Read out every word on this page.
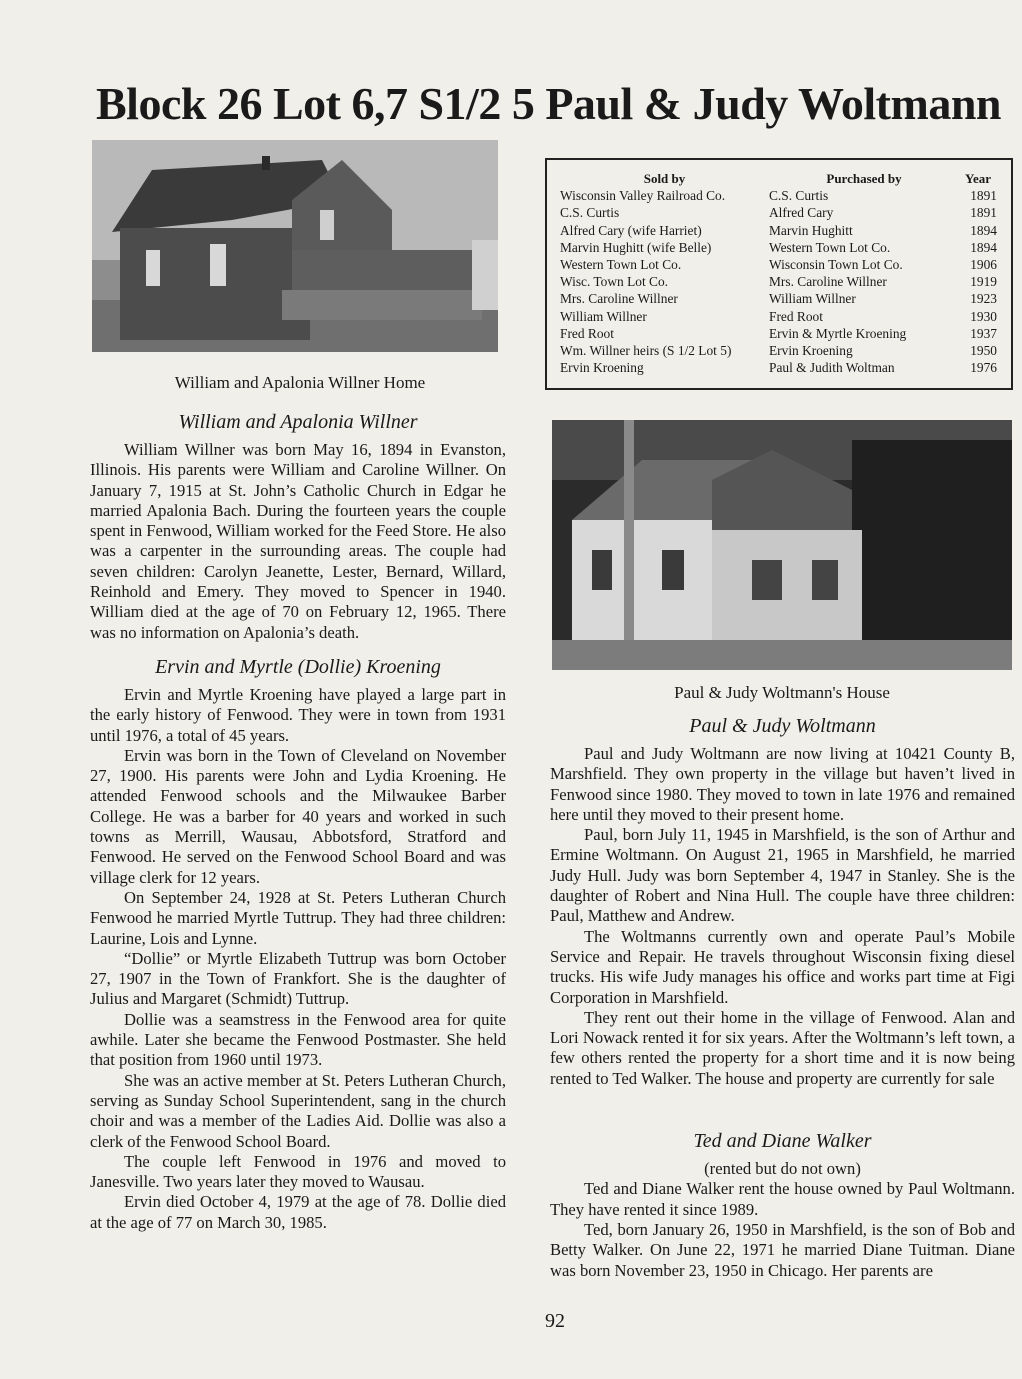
Block 26 Lot 6,7 S1/2 5 Paul & Judy Woltmann
William and Apalonia Willner Home
Sold by	Purchased by	Year
Wisconsin Valley Railroad Co.	C.S. Curtis	1891
C.S. Curtis	Alfred Cary	1891
Alfred Cary (wife Harriet)	Marvin Hughitt	1894
Marvin Hughitt (wife Belle)	Western Town Lot Co.	1894
Western Town Lot Co.	Wisconsin Town Lot Co.	1906
Wisc. Town Lot Co.	Mrs. Caroline Willner	1919
Mrs. Caroline Willner	William Willner	1923
William Willner	Fred Root	1930
Fred Root	Ervin & Myrtle Kroening	1937
Wm. Willner heirs (S 1/2 Lot 5)	Ervin Kroening	1950
Ervin Kroening	Paul & Judith Woltman	1976
Paul & Judy Woltmann's House
William and Apalonia Willner

William Willner was born May 16, 1894 in Evanston, Illinois. His parents were William and Caroline Willner. On January 7, 1915 at St. John’s Catholic Church in Edgar he married Apalonia Bach. During the fourteen years the couple spent in Fenwood, William worked for the Feed Store. He also was a carpenter in the surrounding areas. The couple had seven children: Carolyn Jeanette, Lester, Bernard, Willard, Reinhold and Emery. They moved to Spencer in 1940. William died at the age of 70 on February 12, 1965. There was no information on Apalonia’s death.

Ervin and Myrtle (Dollie) Kroening

Ervin and Myrtle Kroening have played a large part in the early history of Fenwood. They were in town from 1931 until 1976, a total of 45 years.

Ervin was born in the Town of Cleveland on November 27, 1900. His parents were John and Lydia Kroening. He attended Fenwood schools and the Milwaukee Barber College. He was a barber for 40 years and worked in such towns as Merrill, Wausau, Abbotsford, Stratford and Fenwood. He served on the Fenwood School Board and was village clerk for 12 years.

On September 24, 1928 at St. Peters Lutheran Church Fenwood he married Myrtle Tuttrup. They had three children: Laurine, Lois and Lynne.

“Dollie” or Myrtle Elizabeth Tuttrup was born October 27, 1907 in the Town of Frankfort. She is the daughter of Julius and Margaret (Schmidt) Tuttrup.

Dollie was a seamstress in the Fenwood area for quite awhile. Later she became the Fenwood Postmaster. She held that position from 1960 until 1973.

She was an active member at St. Peters Lutheran Church, serving as Sunday School Superintendent, sang in the church choir and was a member of the Ladies Aid. Dollie was also a clerk of the Fenwood School Board.

The couple left Fenwood in 1976 and moved to Janesville. Two years later they moved to Wausau.

Ervin died October 4, 1979 at the age of 78. Dollie died at the age of 77 on March 30, 1985.

Paul & Judy Woltmann

Paul and Judy Woltmann are now living at 10421 County B, Marshfield. They own property in the village but haven’t lived in Fenwood since 1980. They moved to town in late 1976 and remained here until they moved to their present home.

Paul, born July 11, 1945 in Marshfield, is the son of Arthur and Ermine Woltmann. On August 21, 1965 in Marshfield, he married Judy Hull. Judy was born September 4, 1947 in Stanley. She is the daughter of Robert and Nina Hull. The couple have three children: Paul, Matthew and Andrew.

The Woltmanns currently own and operate Paul’s Mobile Service and Repair. He travels throughout Wisconsin fixing diesel trucks. His wife Judy manages his office and works part time at Figi Corporation in Marshfield.

They rent out their home in the village of Fenwood. Alan and Lori Nowack rented it for six years. After the Woltmann’s left town, a few others rented the property for a short time and it is now being rented to Ted Walker. The house and property are currently for sale

Ted and Diane Walker

(rented but do not own)

Ted and Diane Walker rent the house owned by Paul Woltmann. They have rented it since 1989.

Ted, born January 26, 1950 in Marshfield, is the son of Bob and Betty Walker. On June 22, 1971 he married Diane Tuitman. Diane was born November 23, 1950 in Chicago. Her parents are

92
